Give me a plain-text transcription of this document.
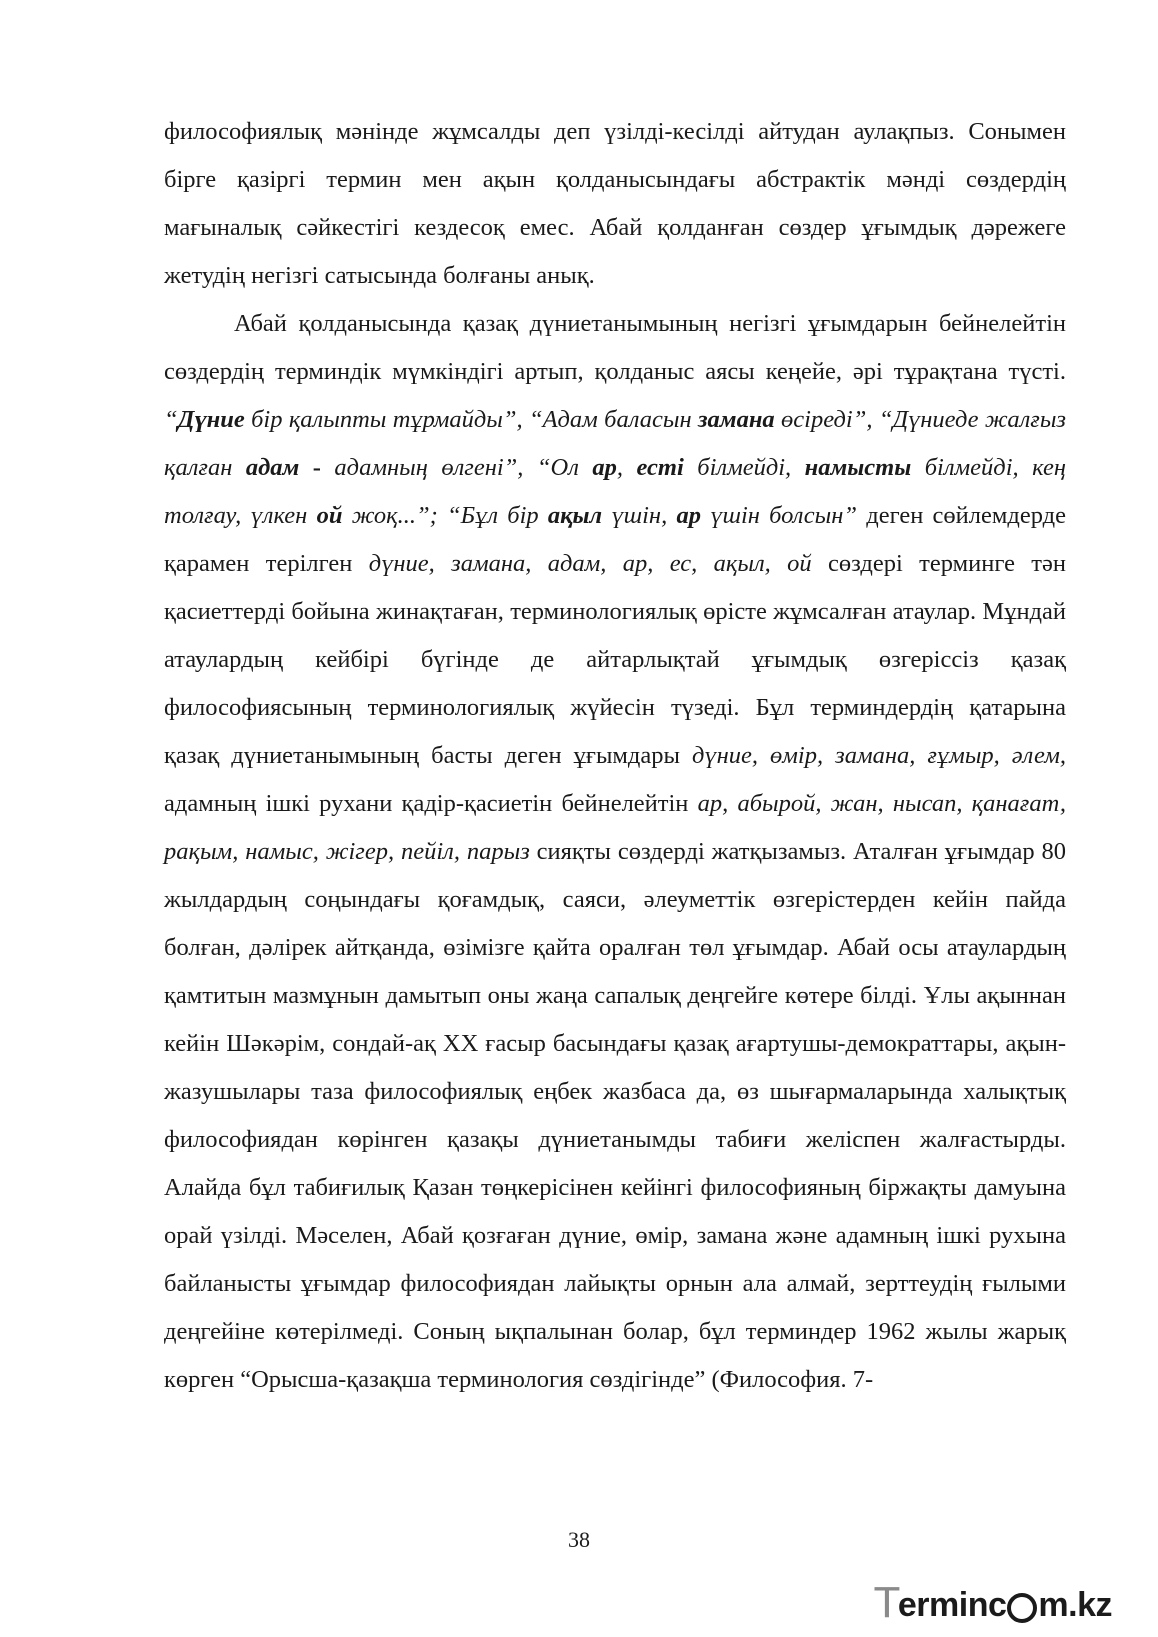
философиялық мәнінде жұмсалды деп үзілді-кесілді айтудан аулақпыз. Сонымен бірге қазіргі термин мен ақын қолданысындағы абстрактік мәнді сөздердің мағыналық сәйкестігі кездесоқ емес. Абай қолданған сөздер ұғымдық дәрежеге жетудің негізгі сатысында болғаны анық.

Абай қолданысында қазақ дүниетанымының негізгі ұғымдарын бейнелейтін сөздердің терминдік мүмкіндігі артып, қолданыс аясы кеңейе, әрі тұрақтана түсті. “Дүние бір қалыпты тұрмайды”, “Адам баласын замана өсіреді”, “Дүниеде жалғыз қалған адам - адамның өлгені”, “Ол ар, есті білмейді, намысты білмейді, кең толғау, үлкен ой жоқ...”; “Бұл бір ақыл үшін, ар үшін болсын” деген сөйлемдерде қарамен терілген дүние, замана, адам, ар, ес, ақыл, ой сөздері терминге тән қасиеттерді бойына жинақтаған, терминологиялық өрісте жұмсалған атаулар. Мұндай атаулардың кейбірі бүгінде де айтарлықтай ұғымдық өзгеріссіз қазақ философиясының терминологиялық жүйесін түзеді. Бұл терминдердің қатарына қазақ дүниетанымының басты деген ұғымдары дүние, өмір, замана, ғұмыр, әлем, адамның ішкі рухани қадір-қасиетін бейнелейтін ар, абырой, жан, нысап, қанағат, рақым, намыс, жігер, пейіл, парыз сияқты сөздерді жатқызамыз. Аталған ұғымдар 80 жылдардың соңындағы қоғамдық, саяси, әлеуметтік өзгерістерден кейін пайда болған, дәлірек айтқанда, өзімізге қайта оралған төл ұғымдар. Абай осы атаулардың қамтитын мазмұнын дамытып оны жаңа сапалық деңгейге көтере білді. Ұлы ақыннан кейін Шәкәрім, сондай-ақ XX ғасыр басындағы қазақ ағартушы-демократтары, ақын-жазушылары таза философиялық еңбек жазбаса да, өз шығармаларында халықтық философиядан көрінген қазақы дүниетанымды табиғи желіспен жалғастырды. Алайда бұл табиғилық Қазан төңкерісінен кейінгі философияның біржақты дамуына орай үзілді. Мәселен, Абай қозғаған дүние, өмір, замана және адамның ішкі рухына байланысты ұғымдар философиядан лайықты орнын ала алмай, зерттеудің ғылыми деңгейіне көтерілмеді. Соның ықпалынан болар, бұл терминдер 1962 жылы жарық көрген “Орысша-қазақша терминология сөздігінде” (Философия. 7-

38
T
ermin c m.kz
